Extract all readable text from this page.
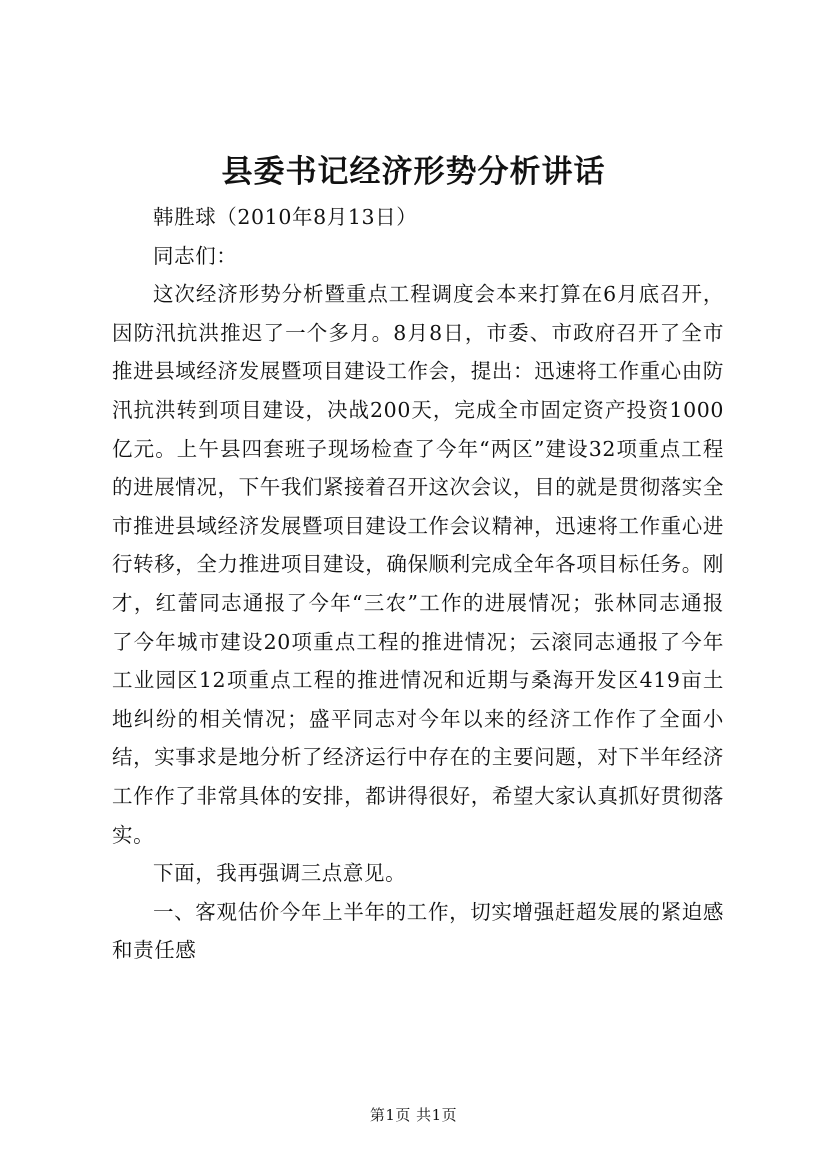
县委书记经济形势分析讲话

韩胜球（2010年8月13日）

同志们：

这次经济形势分析暨重点工程调度会本来打算在6月底召开，因防汛抗洪推迟了一个多月。8月8日，市委、市政府召开了全市推进县域经济发展暨项目建设工作会，提出：迅速将工作重心由防汛抗洪转到项目建设，决战200天，完成全市固定资产投资1000亿元。上午县四套班子现场检查了今年“两区”建设32项重点工程的进展情况，下午我们紧接着召开这次会议，目的就是贯彻落实全市推进县域经济发展暨项目建设工作会议精神，迅速将工作重心进行转移，全力推进项目建设，确保顺利完成全年各项目标任务。刚才，红蕾同志通报了今年“三农”工作的进展情况；张林同志通报了今年城市建设20项重点工程的推进情况；云滚同志通报了今年工业园区12项重点工程的推进情况和近期与桑海开发区419亩土地纠纷的相关情况；盛平同志对今年以来的经济工作作了全面小结，实事求是地分析了经济运行中存在的主要问题，对下半年经济工作作了非常具体的安排，都讲得很好，希望大家认真抓好贯彻落实。

下面，我再强调三点意见。

一、客观估价今年上半年的工作，切实增强赶超发展的紧迫感和责任感

第1页 共1页
